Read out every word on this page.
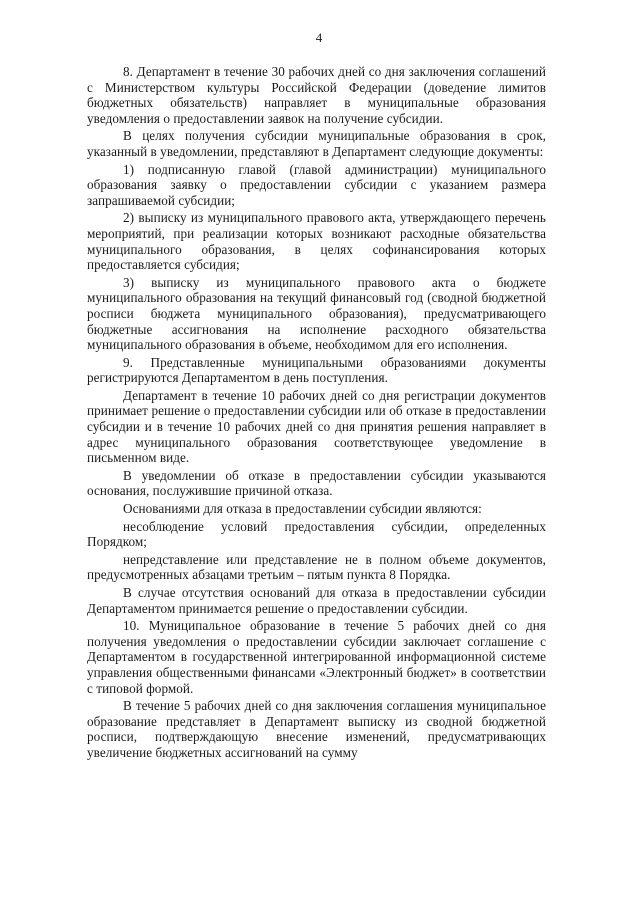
4

8. Департамент в течение 30 рабочих дней со дня заключения соглашений с Министерством культуры Российской Федерации (доведение лимитов бюджетных обязательств) направляет в муниципальные образования уведомления о предоставлении заявок на получение субсидии.

В целях получения субсидии муниципальные образования в срок, указанный в уведомлении, представляют в Департамент следующие документы:

1) подписанную главой (главой администрации) муниципального образования заявку о предоставлении субсидии с указанием размера запрашиваемой субсидии;

2) выписку из муниципального правового акта, утверждающего перечень мероприятий, при реализации которых возникают расходные обязательства муниципального образования, в целях софинансирования которых предоставляется субсидия;

3) выписку из муниципального правового акта о бюджете муниципального образования на текущий финансовый год (сводной бюджетной росписи бюджета муниципального образования), предусматривающего бюджетные ассигнования на исполнение расходного обязательства муниципального образования в объеме, необходимом для его исполнения.

9. Представленные муниципальными образованиями документы регистрируются Департаментом в день поступления.

Департамент в течение 10 рабочих дней со дня регистрации документов принимает решение о предоставлении субсидии или об отказе в предоставлении субсидии и в течение 10 рабочих дней со дня принятия решения направляет в адрес муниципального образования соответствующее уведомление в письменном виде.

В уведомлении об отказе в предоставлении субсидии указываются основания, послужившие причиной отказа.

Основаниями для отказа в предоставлении субсидии являются:

несоблюдение условий предоставления субсидии, определенных Порядком;

непредставление или представление не в полном объеме документов, предусмотренных абзацами третьим – пятым пункта 8 Порядка.

В случае отсутствия оснований для отказа в предоставлении субсидии Департаментом принимается решение о предоставлении субсидии.

10. Муниципальное образование в течение 5 рабочих дней со дня получения уведомления о предоставлении субсидии заключает соглашение с Департаментом в государственной интегрированной информационной системе управления общественными финансами «Электронный бюджет» в соответствии с типовой формой.

В течение 5 рабочих дней со дня заключения соглашения муниципальное образование представляет в Департамент выписку из сводной бюджетной росписи, подтверждающую внесение изменений, предусматривающих увеличение бюджетных ассигнований на сумму
